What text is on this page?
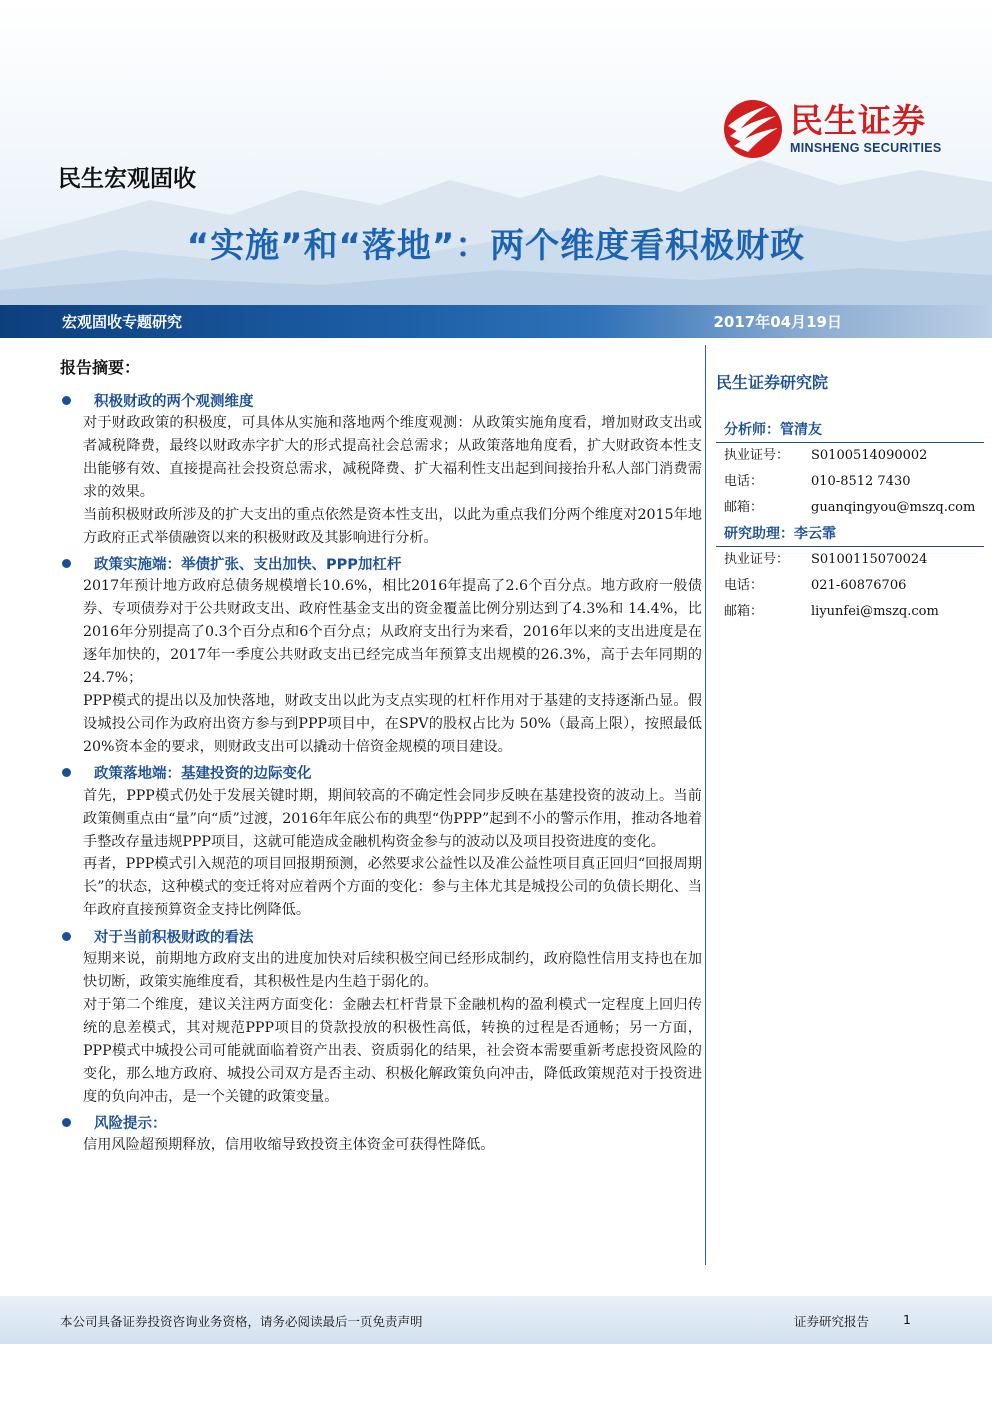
民生证券
MINSHENG SECURITIES
民生宏观固收
“实施”和“落地”：两个维度看积极财政
宏观固收专题研究	2017年04月19日
报告摘要：
积极财政的两个观测维度
对于财政政策的积极度，可具体从实施和落地两个维度观测：从政策实施角度看，增加财政支出或者减税降费，最终以财政赤字扩大的形式提高社会总需求；从政策落地角度看，扩大财政资本性支出能够有效、直接提高社会投资总需求，减税降费、扩大福利性支出起到间接抬升私人部门消费需求的效果。
当前积极财政所涉及的扩大支出的重点依然是资本性支出，以此为重点我们分两个维度对2015年地方政府正式举债融资以来的积极财政及其影响进行分析。
政策实施端：举债扩张、支出加快、PPP加杠杆
2017年预计地方政府总债务规模增长10.6%，相比2016年提高了2.6个百分点。地方政府一般债券、专项债券对于公共财政支出、政府性基金支出的资金覆盖比例分别达到了4.3%和 14.4%，比2016年分别提高了0.3个百分点和6个百分点；从政府支出行为来看，2016年以来的支出进度是在逐年加快的，2017年一季度公共财政支出已经完成当年预算支出规模的26.3%，高于去年同期的24.7%；
PPP模式的提出以及加快落地，财政支出以此为支点实现的杠杆作用对于基建的支持逐渐凸显。假设城投公司作为政府出资方参与到PPP项目中，在SPV的股权占比为 50%（最高上限），按照最低 20%资本金的要求，则财政支出可以撬动十倍资金规模的项目建设。
政策落地端：基建投资的边际变化
首先，PPP模式仍处于发展关键时期，期间较高的不确定性会同步反映在基建投资的波动上。当前政策侧重点由“量”向“质”过渡，2016年年底公布的典型“伪PPP”起到不小的警示作用，推动各地着手整改存量违规PPP项目，这就可能造成金融机构资金参与的波动以及项目投资进度的变化。
再者，PPP模式引入规范的项目回报期预测，必然要求公益性以及准公益性项目真正回归“回报周期长”的状态，这种模式的变迁将对应着两个方面的变化：参与主体尤其是城投公司的负债长期化、当年政府直接预算资金支持比例降低。
对于当前积极财政的看法
短期来说，前期地方政府支出的进度加快对后续积极空间已经形成制约，政府隐性信用支持也在加快切断，政策实施维度看，其积极性是内生趋于弱化的。
对于第二个维度，建议关注两方面变化：金融去杠杆背景下金融机构的盈利模式一定程度上回归传统的息差模式，其对规范PPP项目的贷款投放的积极性高低，转换的过程是否通畅；另一方面，PPP模式中城投公司可能就面临着资产出表、资质弱化的结果，社会资本需要重新考虑投资风险的变化，那么地方政府、城投公司双方是否主动、积极化解政策负向冲击，降低政策规范对于投资进度的负向冲击，是一个关键的政策变量。
风险提示：
信用风险超预期释放，信用收缩导致投资主体资金可获得性降低。
民生证券研究院
分析师：管清友
执业证号：	S0100514090002
电话：	010-8512 7430
邮箱：	guanqingyou@mszq.com
研究助理：李云霏
执业证号：	S0100115070024
电话：	021-60876706
邮箱：	liyunfei@mszq.com
本公司具备证券投资咨询业务资格，请务必阅读最后一页免责声明	证券研究报告	1
